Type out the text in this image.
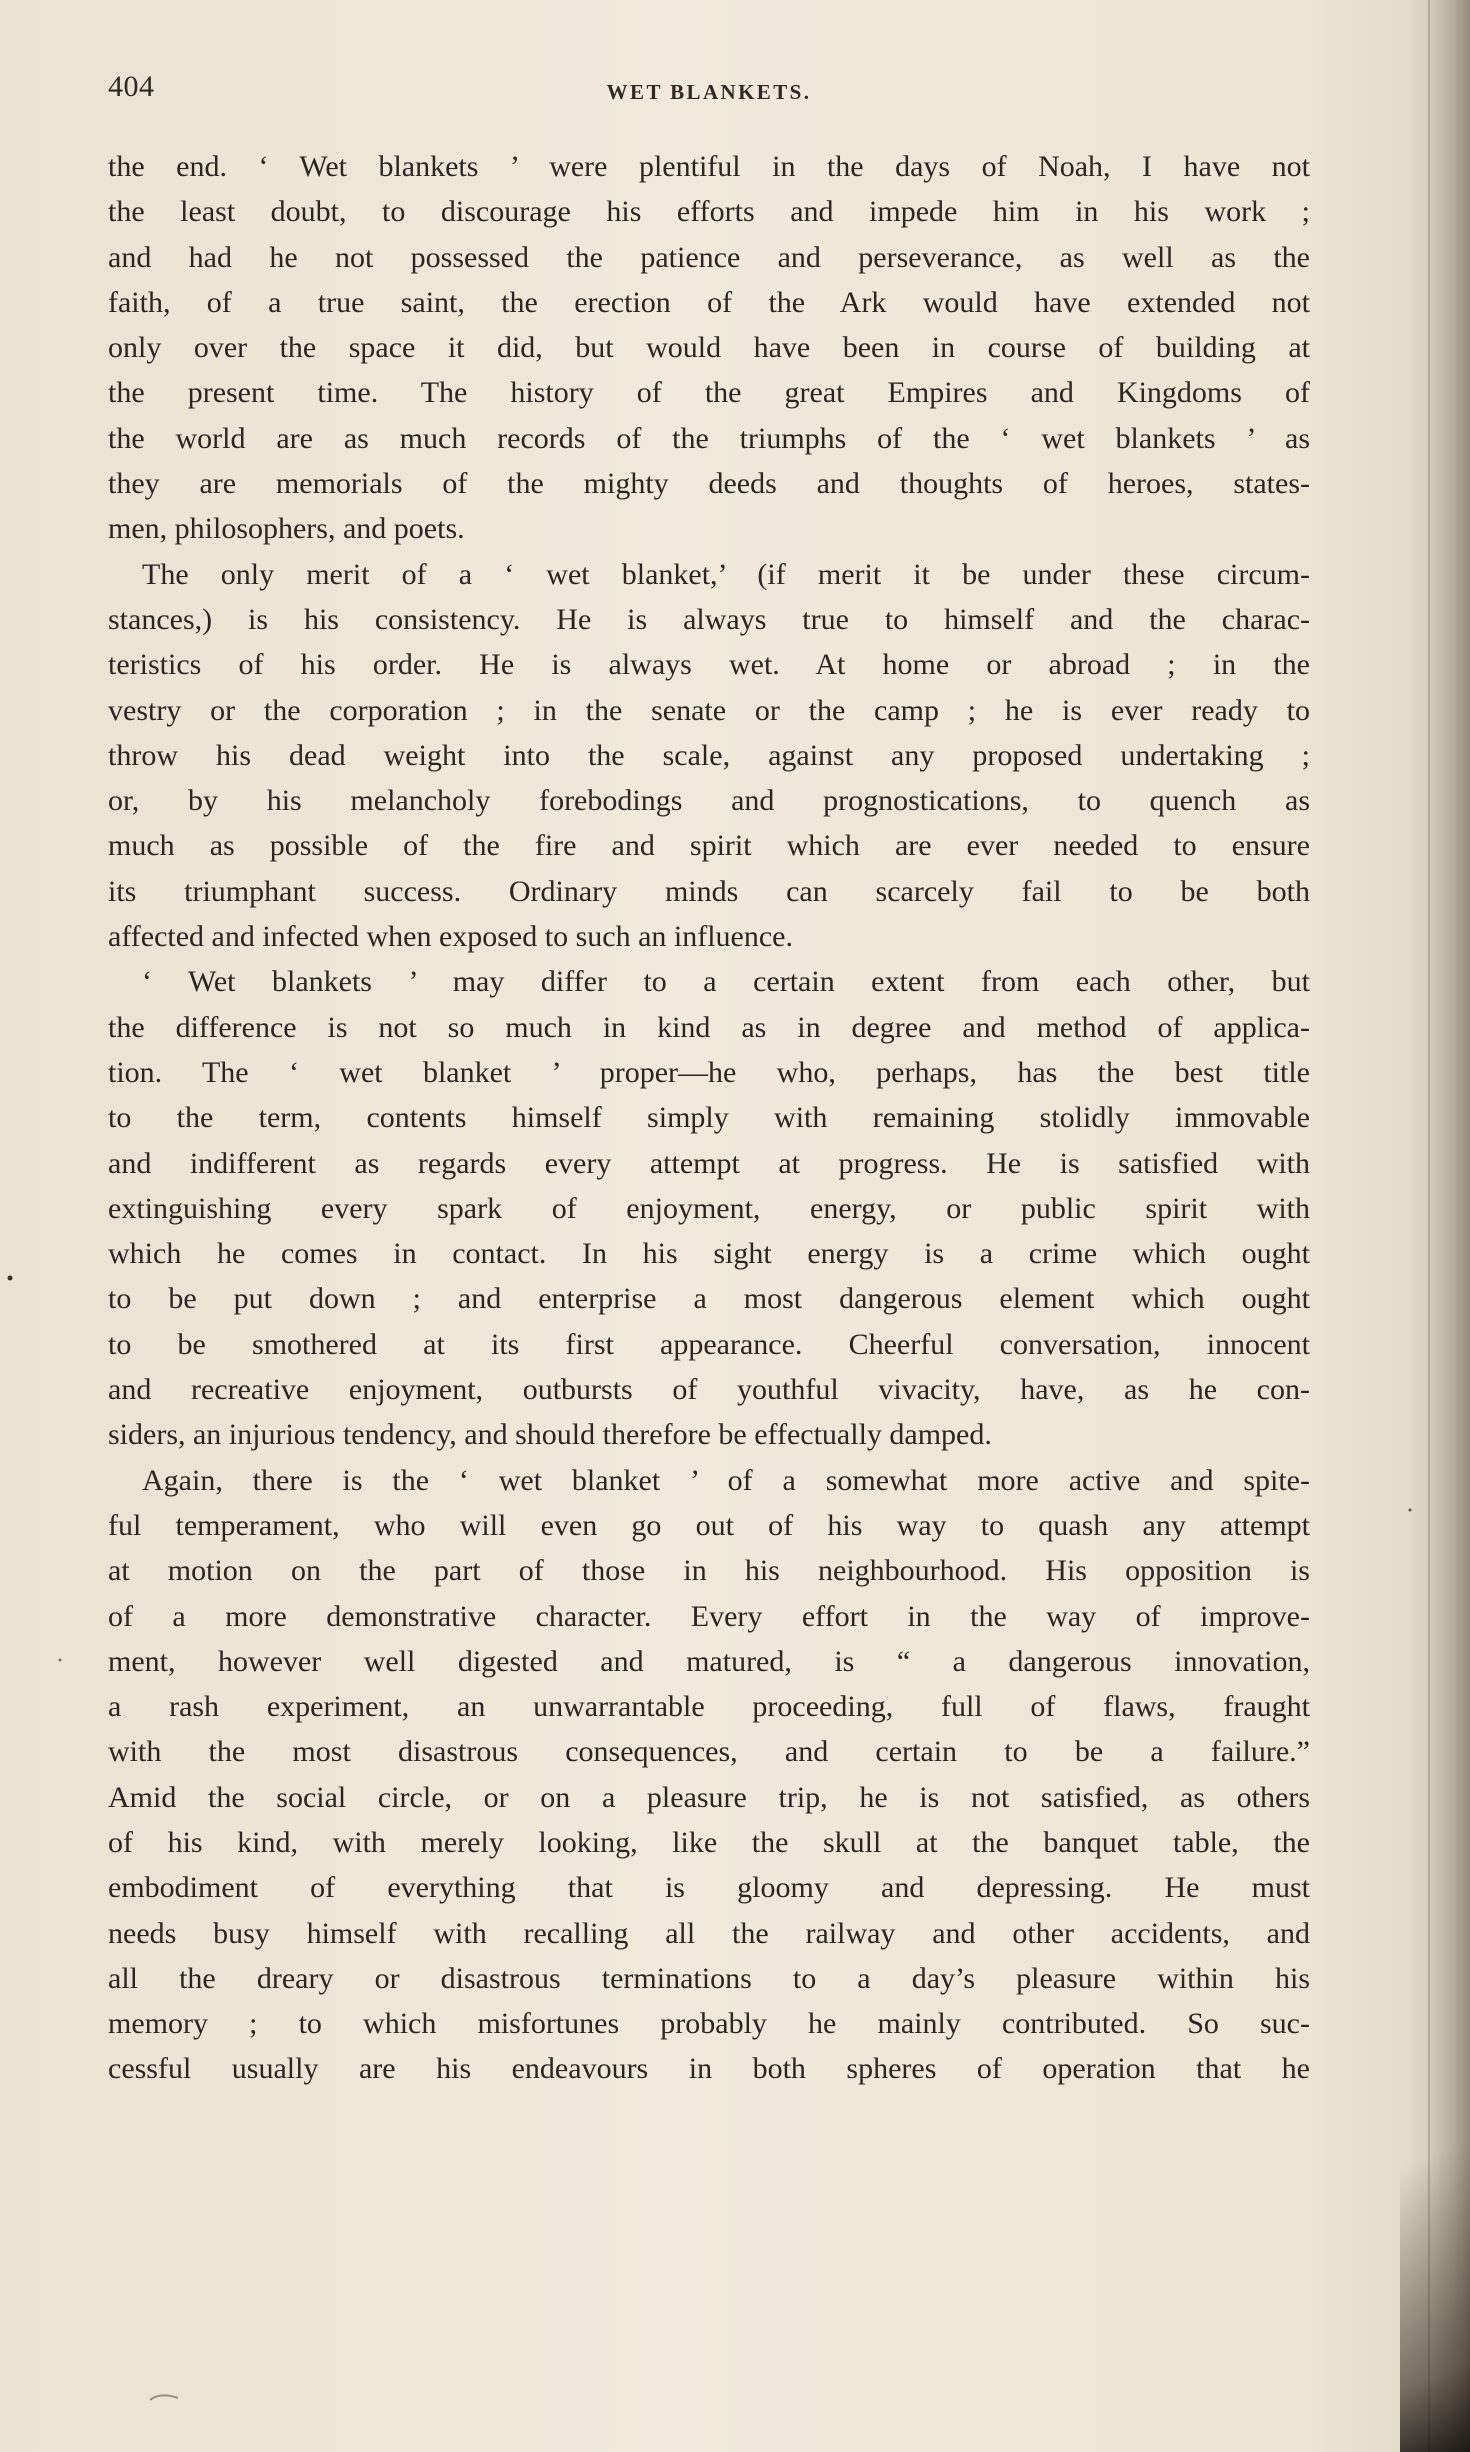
404	WET BLANKETS.
the end. ‘ Wet blankets ’ were plentiful in the days of Noah, I have not
the least doubt, to discourage his efforts and impede him in his work ;
and had he not possessed the patience and perseverance, as well as the
faith, of a true saint, the erection of the Ark would have extended not
only over the space it did, but would have been in course of building at
the present time. The history of the great Empires and Kingdoms of
the world are as much records of the triumphs of the ‘ wet blankets ’ as
they are memorials of the mighty deeds and thoughts of heroes, states-
men, philosophers, and poets.
The only merit of a ‘ wet blanket,’ (if merit it be under these circum-
stances,) is his consistency. He is always true to himself and the charac-
teristics of his order. He is always wet. At home or abroad ; in the
vestry or the corporation ; in the senate or the camp ; he is ever ready to
throw his dead weight into the scale, against any proposed undertaking ;
or, by his melancholy forebodings and prognostications, to quench as
much as possible of the fire and spirit which are ever needed to ensure
its triumphant success. Ordinary minds can scarcely fail to be both
affected and infected when exposed to such an influence.
‘ Wet blankets ’ may differ to a certain extent from each other, but
the difference is not so much in kind as in degree and method of applica-
tion. The ‘ wet blanket ’ proper—he who, perhaps, has the best title
to the term, contents himself simply with remaining stolidly immovable
and indifferent as regards every attempt at progress. He is satisfied with
extinguishing every spark of enjoyment, energy, or public spirit with
which he comes in contact. In his sight energy is a crime which ought
to be put down ; and enterprise a most dangerous element which ought
to be smothered at its first appearance. Cheerful conversation, innocent
and recreative enjoyment, outbursts of youthful vivacity, have, as he con-
siders, an injurious tendency, and should therefore be effectually damped.
Again, there is the ‘ wet blanket ’ of a somewhat more active and spite-
ful temperament, who will even go out of his way to quash any attempt
at motion on the part of those in his neighbourhood. His opposition is
of a more demonstrative character. Every effort in the way of improve-
ment, however well digested and matured, is “ a dangerous innovation,
a rash experiment, an unwarrantable proceeding, full of flaws, fraught
with the most disastrous consequences, and certain to be a failure.”
Amid the social circle, or on a pleasure trip, he is not satisfied, as others
of his kind, with merely looking, like the skull at the banquet table, the
embodiment of everything that is gloomy and depressing. He must
needs busy himself with recalling all the railway and other accidents, and
all the dreary or disastrous terminations to a day’s pleasure within his
memory ; to which misfortunes probably he mainly contributed. So suc-
cessful usually are his endeavours in both spheres of operation that he
